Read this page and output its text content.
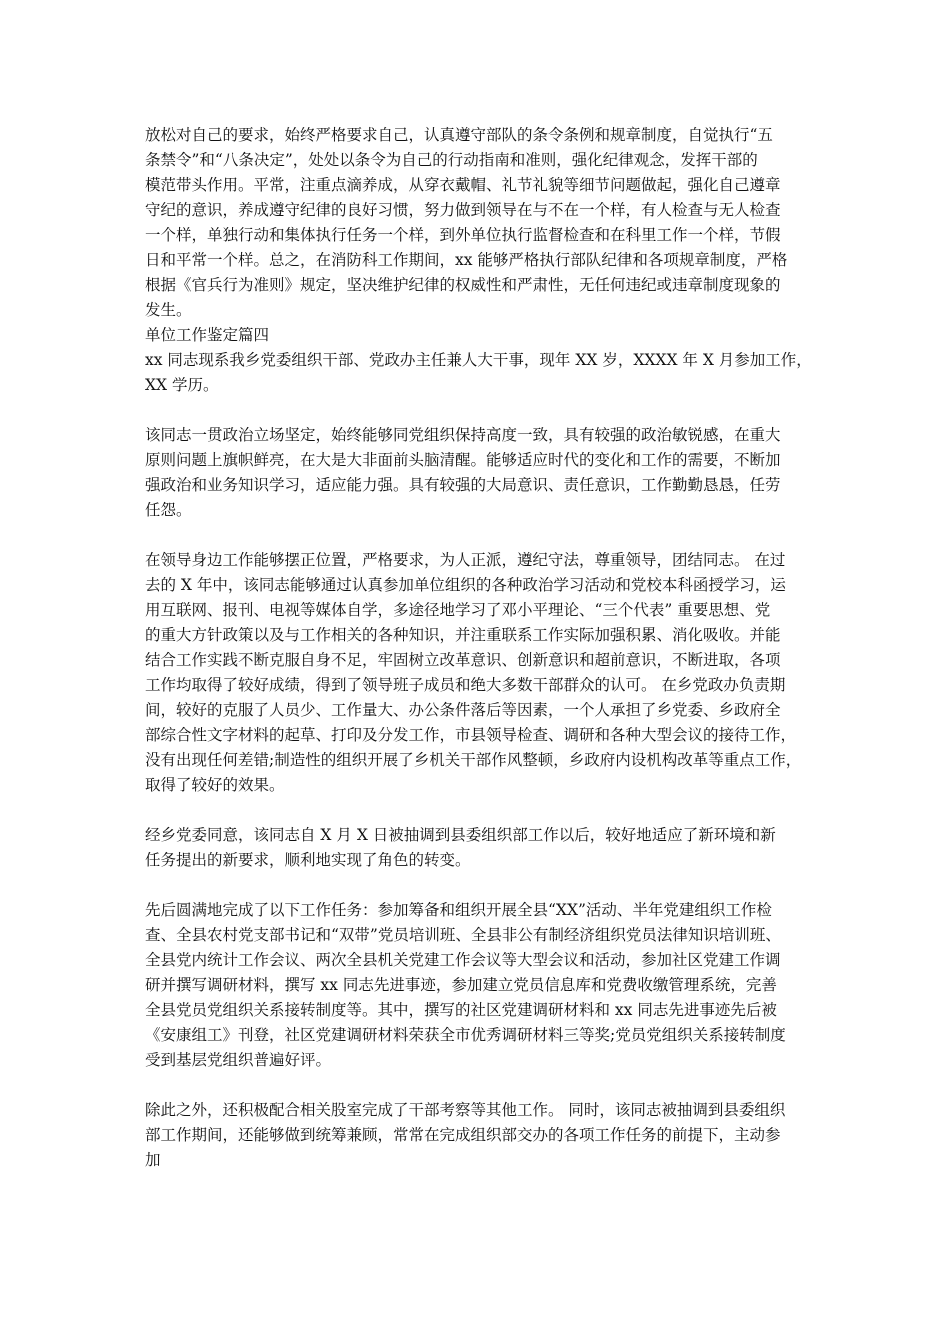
放松对自己的要求，始终严格要求自己，认真遵守部队的条令条例和规章制度，自觉执行“五
条禁令”和“八条决定”，处处以条令为自己的行动指南和准则，强化纪律观念，发挥干部的
模范带头作用。平常，注重点滴养成，从穿衣戴帽、礼节礼貌等细节问题做起，强化自己遵章
守纪的意识，养成遵守纪律的良好习惯，努力做到领导在与不在一个样，有人检查与无人检查
一个样，单独行动和集体执行任务一个样，到外单位执行监督检查和在科里工作一个样，节假
日和平常一个样。总之，在消防科工作期间，xx 能够严格执行部队纪律和各项规章制度，严格
根据《官兵行为准则》规定，坚决维护纪律的权威性和严肃性，无任何违纪或违章制度现象的
发生。
单位工作鉴定篇四
xx 同志现系我乡党委组织干部、党政办主任兼人大干事，现年 XX 岁，XXXX 年 X 月参加工作，
XX 学历。
该同志一贯政治立场坚定，始终能够同党组织保持高度一致，具有较强的政治敏锐感，在重大
原则问题上旗帜鲜亮，在大是大非面前头脑清醒。能够适应时代的变化和工作的需要，不断加
强政治和业务知识学习，适应能力强。具有较强的大局意识、责任意识，工作勤勤恳恳，任劳
任怨。
在领导身边工作能够摆正位置，严格要求，为人正派，遵纪守法，尊重领导，团结同志。 在过
去的 X 年中，该同志能够通过认真参加单位组织的各种政治学习活动和党校本科函授学习，运
用互联网、报刊、电视等媒体自学，多途径地学习了邓小平理论、“三个代表” 重要思想、党
的重大方针政策以及与工作相关的各种知识，并注重联系工作实际加强积累、消化吸收。并能
结合工作实践不断克服自身不足，牢固树立改革意识、创新意识和超前意识，不断进取，各项
工作均取得了较好成绩，得到了领导班子成员和绝大多数干部群众的认可。 在乡党政办负责期
间，较好的克服了人员少、工作量大、办公条件落后等因素，一个人承担了乡党委、乡政府全
部综合性文字材料的起草、打印及分发工作，市县领导检查、调研和各种大型会议的接待工作，
没有出现任何差错;制造性的组织开展了乡机关干部作风整顿，乡政府内设机构改革等重点工作，
取得了较好的效果。
经乡党委同意，该同志自 X 月 X 日被抽调到县委组织部工作以后，较好地适应了新环境和新
任务提出的新要求，顺利地实现了角色的转变。
先后圆满地完成了以下工作任务：参加筹备和组织开展全县“XX”活动、半年党建组织工作检
查、全县农村党支部书记和“双带”党员培训班、全县非公有制经济组织党员法律知识培训班、
全县党内统计工作会议、两次全县机关党建工作会议等大型会议和活动，参加社区党建工作调
研并撰写调研材料，撰写 xx 同志先进事迹，参加建立党员信息库和党费收缴管理系统，完善
全县党员党组织关系接转制度等。其中，撰写的社区党建调研材料和 xx 同志先进事迹先后被
《安康组工》刊登，社区党建调研材料荣获全市优秀调研材料三等奖;党员党组织关系接转制度
受到基层党组织普遍好评。
除此之外，还积极配合相关股室完成了干部考察等其他工作。 同时，该同志被抽调到县委组织
部工作期间，还能够做到统筹兼顾，常常在完成组织部交办的各项工作任务的前提下，主动参
加
